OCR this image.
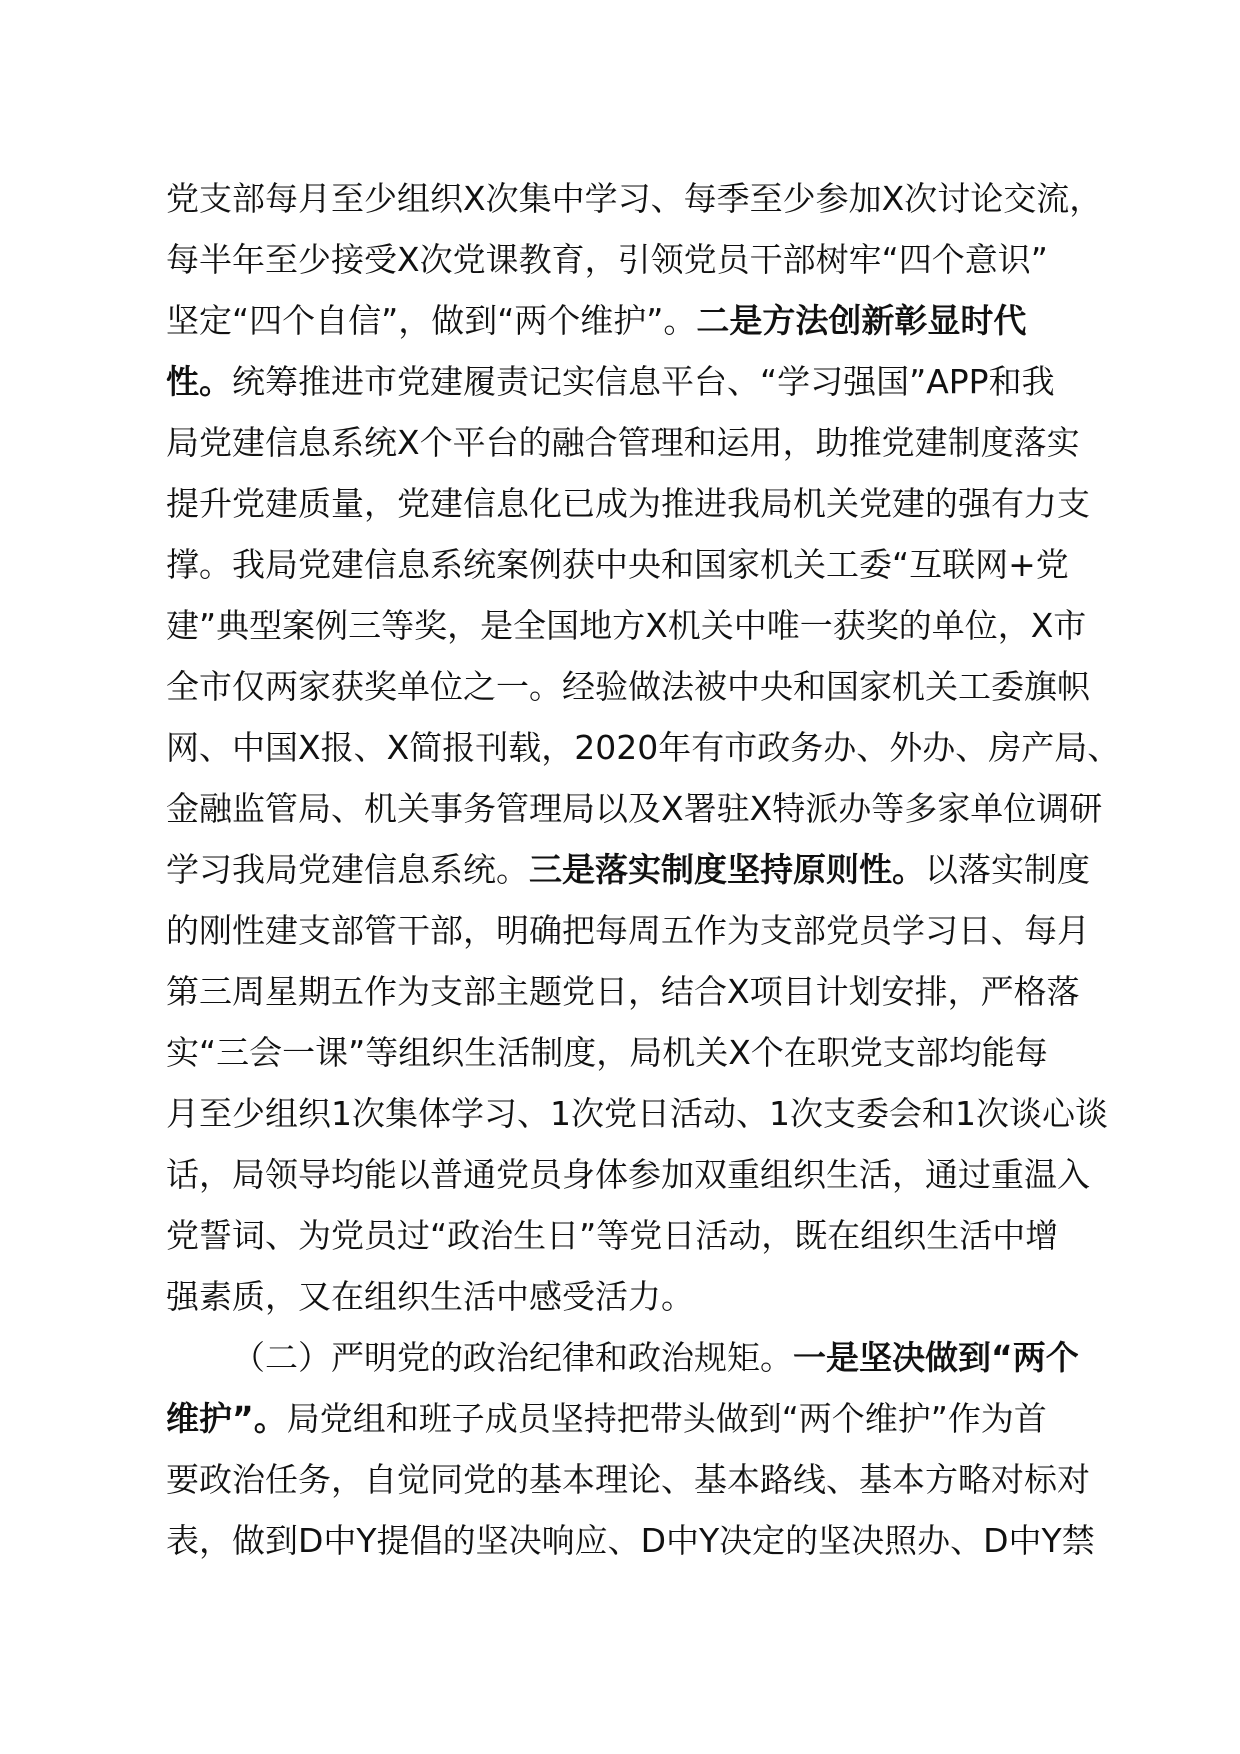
党支部每月至少组织X次集中学习、每季至少参加X次讨论交流，
每半年至少接受X次党课教育，引领党员干部树牢“四个意识”
坚定“四个自信”，做到“两个维护”。二是方法创新彰显时代
性。统筹推进市党建履责记实信息平台、“学习强国”APP和我
局党建信息系统X个平台的融合管理和运用，助推党建制度落实
提升党建质量，党建信息化已成为推进我局机关党建的强有力支
撑。我局党建信息系统案例获中央和国家机关工委“互联网+党
建”典型案例三等奖，是全国地方X机关中唯一获奖的单位，X市
全市仅两家获奖单位之一。经验做法被中央和国家机关工委旗帜
网、中国X报、X简报刊载，2020年有市政务办、外办、房产局、
金融监管局、机关事务管理局以及X署驻X特派办等多家单位调研
学习我局党建信息系统。三是落实制度坚持原则性。以落实制度
的刚性建支部管干部，明确把每周五作为支部党员学习日、每月
第三周星期五作为支部主题党日，结合X项目计划安排，严格落
实“三会一课”等组织生活制度，局机关X个在职党支部均能每
月至少组织1次集体学习、1次党日活动、1次支委会和1次谈心谈
话，局领导均能以普通党员身体参加双重组织生活，通过重温入
党誓词、为党员过“政治生日”等党日活动，既在组织生活中增
强素质，又在组织生活中感受活力。
（二）严明党的政治纪律和政治规矩。一是坚决做到“两个
维护”。局党组和班子成员坚持把带头做到“两个维护”作为首
要政治任务，自觉同党的基本理论、基本路线、基本方略对标对
表，做到D中Y提倡的坚决响应、D中Y决定的坚决照办、D中Y禁
